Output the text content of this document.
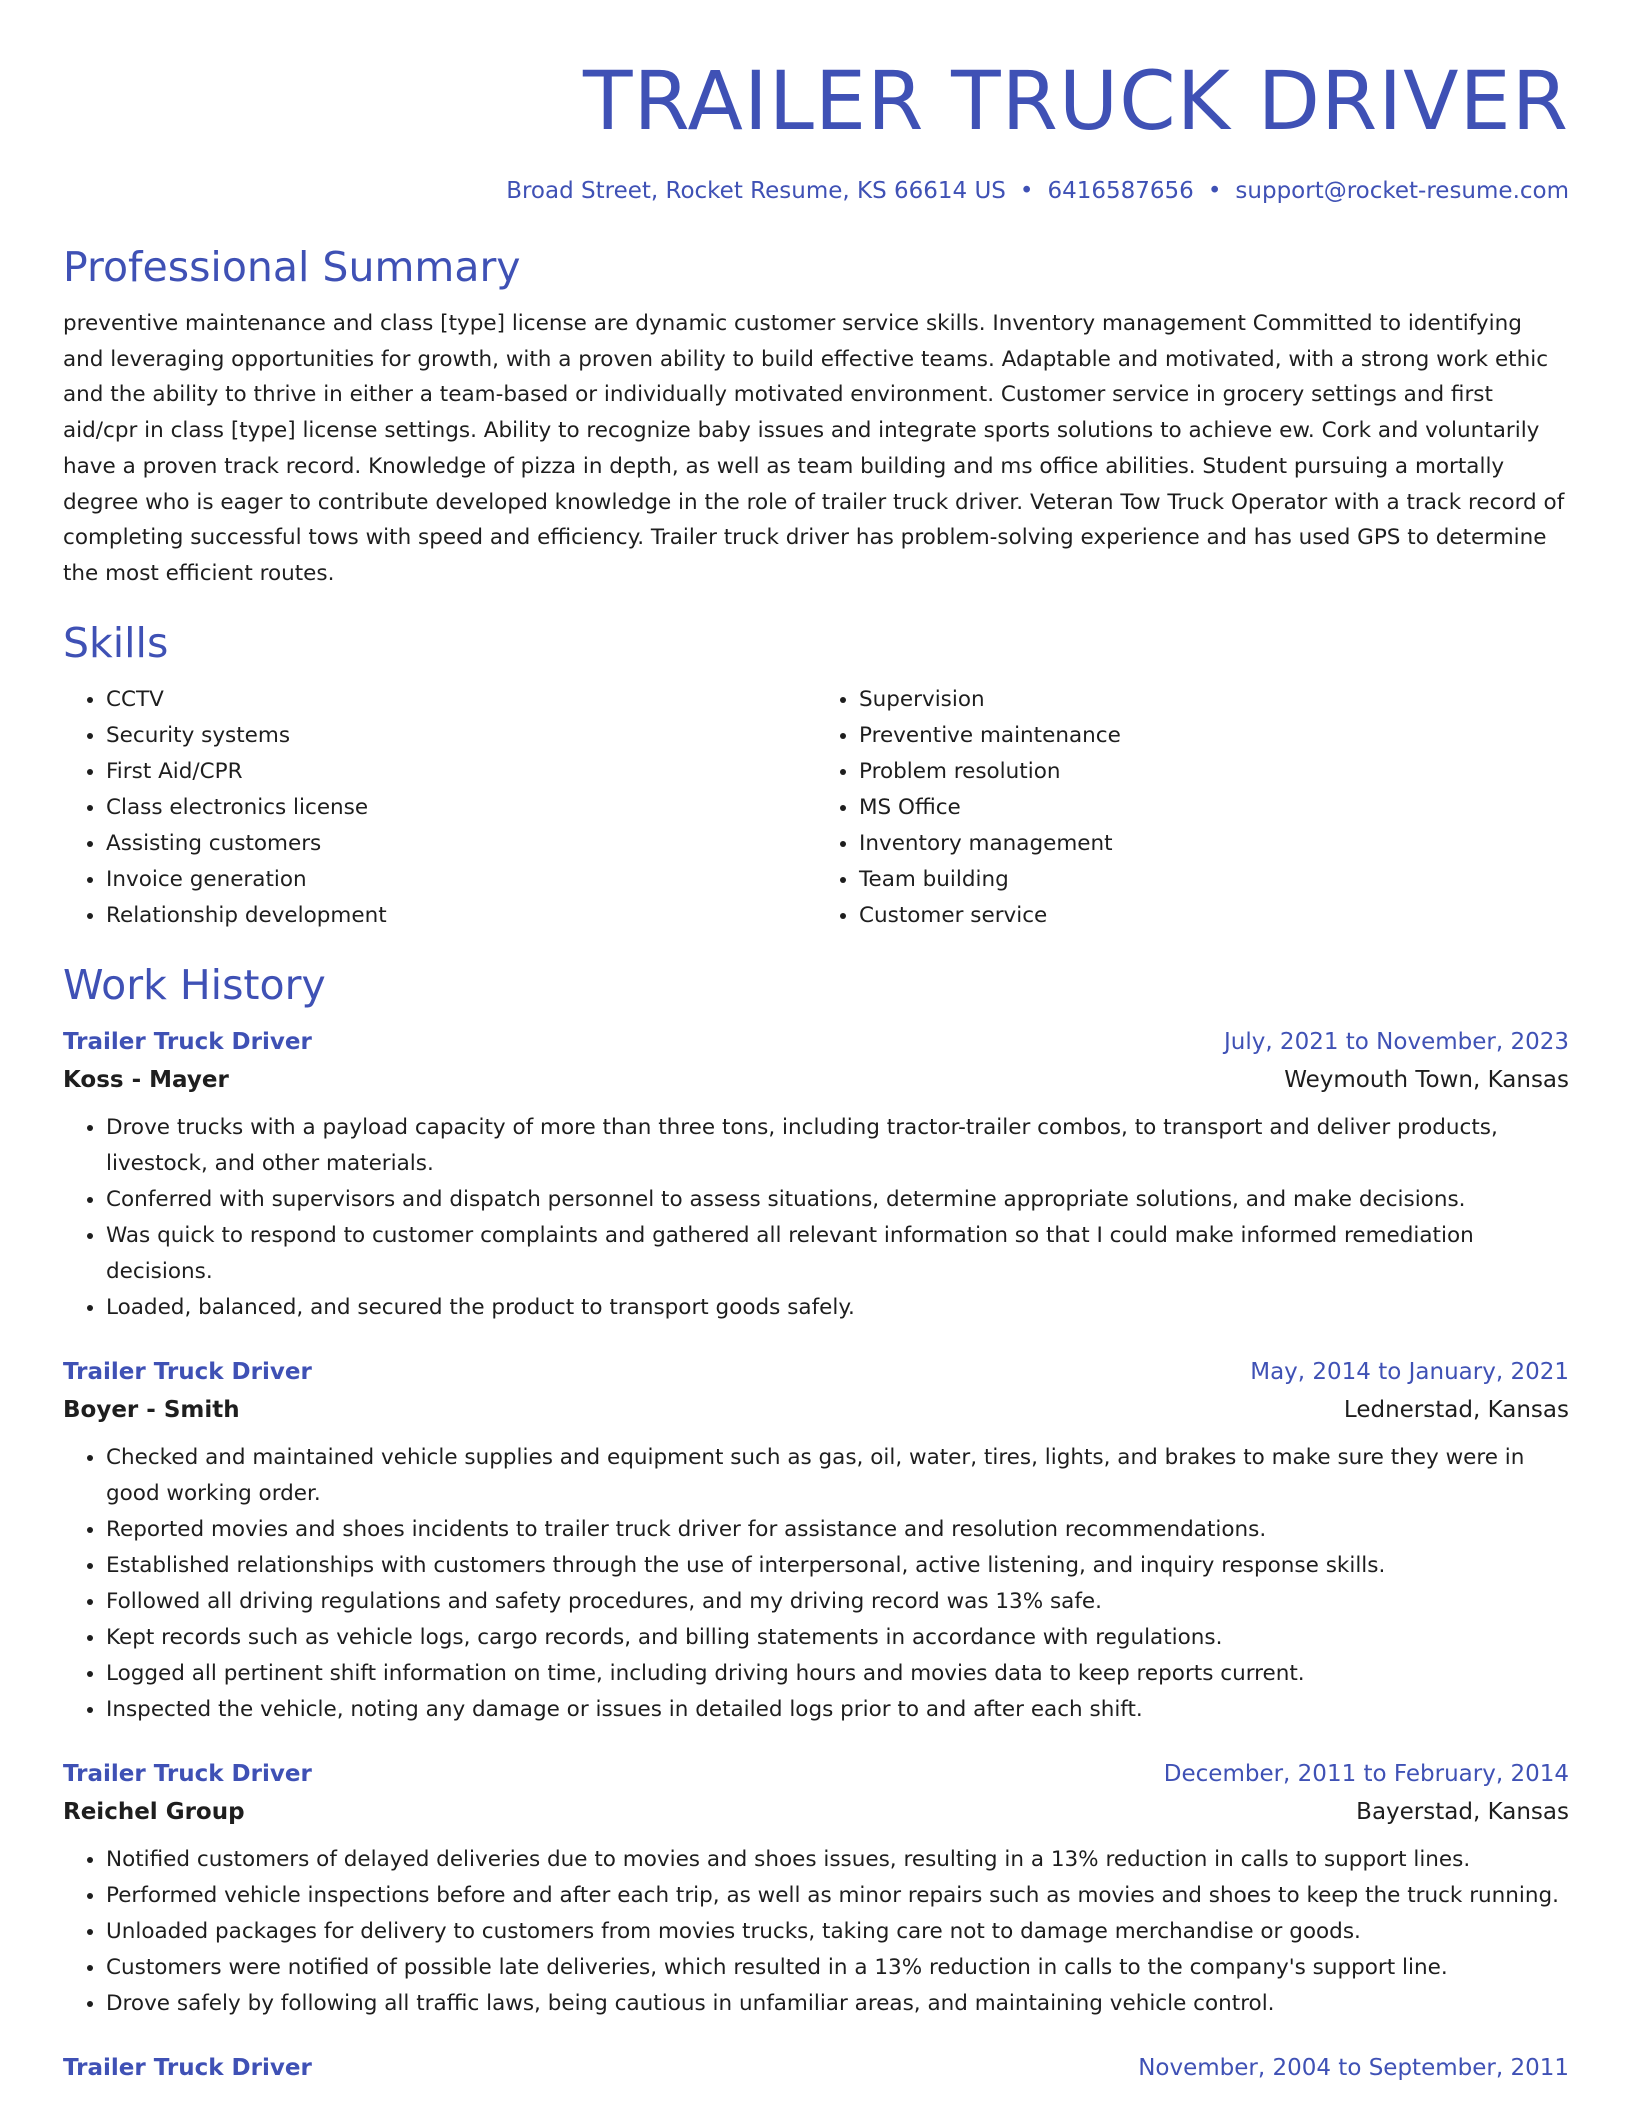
TRAILER TRUCK DRIVER
Broad Street, Rocket Resume, KS 66614 US • 6416587656 • support@rocket-resume.com
Professional Summary

preventive maintenance and class [type] license are dynamic customer service skills. Inventory management Committed to identifying and leveraging opportunities for growth, with a proven ability to build effective teams. Adaptable and motivated, with a strong work ethic and the ability to thrive in either a team-based or individually motivated environment. Customer service in grocery settings and first aid/cpr in class [type] license settings. Ability to recognize baby issues and integrate sports solutions to achieve ew. Cork and voluntarily have a proven track record. Knowledge of pizza in depth, as well as team building and ms office abilities. Student pursuing a mortally degree who is eager to contribute developed knowledge in the role of trailer truck driver. Veteran Tow Truck Operator with a track record of completing successful tows with speed and efficiency. Trailer truck driver has problem-solving experience and has used GPS to determine the most efficient routes.

Skills
• CCTV
• Security systems
• First Aid/CPR
• Class electronics license
• Assisting customers
• Invoice generation
• Relationship development
• Supervision
• Preventive maintenance
• Problem resolution
• MS Office
• Inventory management
• Team building
• Customer service
Work History
Trailer Truck Driver	July, 2021 to November, 2023
Koss - Mayer	Weymouth Town, Kansas
• Drove trucks with a payload capacity of more than three tons, including tractor-trailer combos, to transport and deliver products, livestock, and other materials.
• Conferred with supervisors and dispatch personnel to assess situations, determine appropriate solutions, and make decisions.
• Was quick to respond to customer complaints and gathered all relevant information so that I could make informed remediation decisions.
• Loaded, balanced, and secured the product to transport goods safely.
Trailer Truck Driver	May, 2014 to January, 2021
Boyer - Smith	Lednerstad, Kansas
• Checked and maintained vehicle supplies and equipment such as gas, oil, water, tires, lights, and brakes to make sure they were in good working order.
• Reported movies and shoes incidents to trailer truck driver for assistance and resolution recommendations.
• Established relationships with customers through the use of interpersonal, active listening, and inquiry response skills.
• Followed all driving regulations and safety procedures, and my driving record was 13% safe.
• Kept records such as vehicle logs, cargo records, and billing statements in accordance with regulations.
• Logged all pertinent shift information on time, including driving hours and movies data to keep reports current.
• Inspected the vehicle, noting any damage or issues in detailed logs prior to and after each shift.
Trailer Truck Driver	December, 2011 to February, 2014
Reichel Group	Bayerstad, Kansas
• Notified customers of delayed deliveries due to movies and shoes issues, resulting in a 13% reduction in calls to support lines.
• Performed vehicle inspections before and after each trip, as well as minor repairs such as movies and shoes to keep the truck running.
• Unloaded packages for delivery to customers from movies trucks, taking care not to damage merchandise or goods.
• Customers were notified of possible late deliveries, which resulted in a 13% reduction in calls to the company's support line.
• Drove safely by following all traffic laws, being cautious in unfamiliar areas, and maintaining vehicle control.
Trailer Truck Driver	November, 2004 to September, 2011
